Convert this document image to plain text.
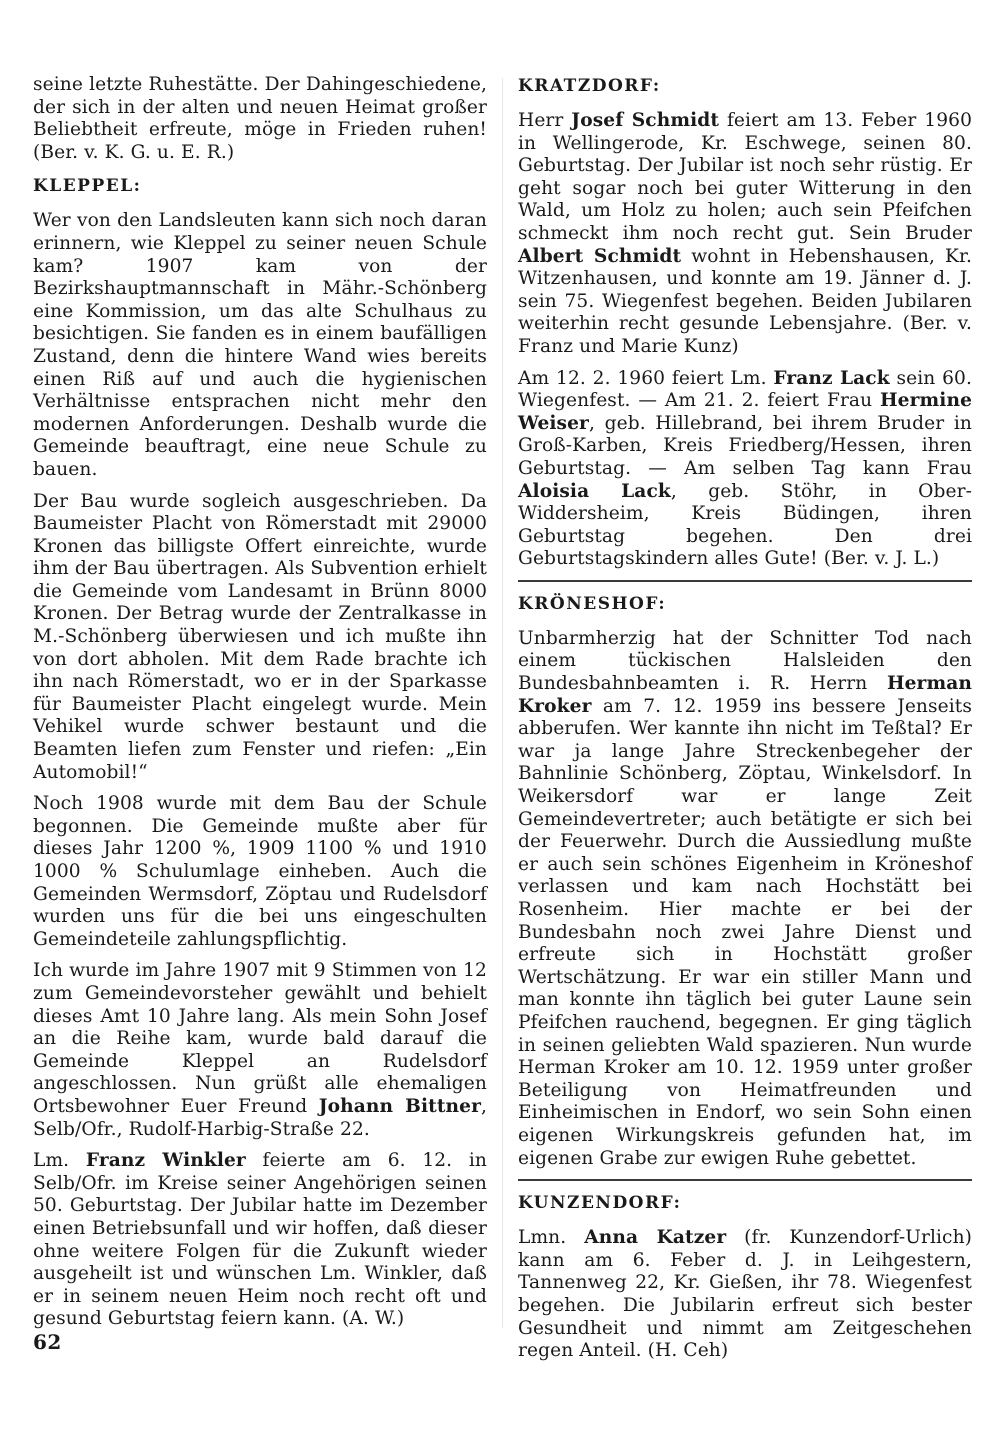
seine letzte Ruhestätte. Der Dahingeschiedene, der sich in der alten und neuen Heimat großer Beliebtheit erfreute, möge in Frieden ruhen! (Ber. v. K. G. u. E. R.)

KLEPPEL:

Wer von den Landsleuten kann sich noch daran erinnern, wie Kleppel zu seiner neuen Schule kam? 1907 kam von der Bezirkshauptmannschaft in Mähr.-Schönberg eine Kommission, um das alte Schulhaus zu besichtigen. Sie fanden es in einem baufälligen Zustand, denn die hintere Wand wies bereits einen Riß auf und auch die hygienischen Verhältnisse entsprachen nicht mehr den modernen Anforderungen. Deshalb wurde die Gemeinde beauftragt, eine neue Schule zu bauen.

Der Bau wurde sogleich ausgeschrieben. Da Baumeister Placht von Römerstadt mit 29000 Kronen das billigste Offert einreichte, wurde ihm der Bau übertragen. Als Subvention erhielt die Gemeinde vom Landesamt in Brünn 8000 Kronen. Der Betrag wurde der Zentralkasse in M.-Schönberg überwiesen und ich mußte ihn von dort abholen. Mit dem Rade brachte ich ihn nach Römerstadt, wo er in der Sparkasse für Baumeister Placht eingelegt wurde. Mein Vehikel wurde schwer bestaunt und die Beamten liefen zum Fenster und riefen: „Ein Automobil!“

Noch 1908 wurde mit dem Bau der Schule begonnen. Die Gemeinde mußte aber für dieses Jahr 1200 %, 1909 1100 % und 1910 1000 % Schulumlage einheben. Auch die Gemeinden Wermsdorf, Zöptau und Rudelsdorf wurden uns für die bei uns eingeschulten Gemeindeteile zahlungspflichtig.

Ich wurde im Jahre 1907 mit 9 Stimmen von 12 zum Gemeindevorsteher gewählt und behielt dieses Amt 10 Jahre lang. Als mein Sohn Josef an die Reihe kam, wurde bald darauf die Gemeinde Kleppel an Rudelsdorf angeschlossen. Nun grüßt alle ehemaligen Ortsbewohner Euer Freund Johann Bittner, Selb/Ofr., Rudolf-Harbig-Straße 22.

Lm. Franz Winkler feierte am 6. 12. in Selb/Ofr. im Kreise seiner Angehörigen seinen 50. Geburtstag. Der Jubilar hatte im Dezember einen Betriebsunfall und wir hoffen, daß dieser ohne weitere Folgen für die Zukunft wieder ausgeheilt ist und wünschen Lm. Winkler, daß er in seinem neuen Heim noch recht oft und gesund Geburtstag feiern kann. (A. W.)

KRATZDORF:

Herr Josef Schmidt feiert am 13. Feber 1960 in Wellingerode, Kr. Eschwege, seinen 80. Geburtstag. Der Jubilar ist noch sehr rüstig. Er geht sogar noch bei guter Witterung in den Wald, um Holz zu holen; auch sein Pfeifchen schmeckt ihm noch recht gut. Sein Bruder Albert Schmidt wohnt in Hebenshausen, Kr. Witzenhausen, und konnte am 19. Jänner d. J. sein 75. Wiegenfest begehen. Beiden Jubilaren weiterhin recht gesunde Lebensjahre. (Ber. v. Franz und Marie Kunz)

Am 12. 2. 1960 feiert Lm. Franz Lack sein 60. Wiegenfest. — Am 21. 2. feiert Frau Hermine Weiser, geb. Hillebrand, bei ihrem Bruder in Groß-Karben, Kreis Friedberg/Hessen, ihren Geburtstag. — Am selben Tag kann Frau Aloisia Lack, geb. Stöhr, in Ober-Widdersheim, Kreis Büdingen, ihren Geburtstag begehen. Den drei Geburtstagskindern alles Gute! (Ber. v. J. L.)

KRÖNESHOF:

Unbarmherzig hat der Schnitter Tod nach einem tückischen Halsleiden den Bundesbahnbeamten i. R. Herrn Herman Kroker am 7. 12. 1959 ins bessere Jenseits abberufen. Wer kannte ihn nicht im Teßtal? Er war ja lange Jahre Streckenbegeher der Bahnlinie Schönberg, Zöptau, Winkelsdorf. In Weikersdorf war er lange Zeit Gemeindevertreter; auch betätigte er sich bei der Feuerwehr. Durch die Aussiedlung mußte er auch sein schönes Eigenheim in Kröneshof verlassen und kam nach Hochstätt bei Rosenheim. Hier machte er bei der Bundesbahn noch zwei Jahre Dienst und erfreute sich in Hochstätt großer Wertschätzung. Er war ein stiller Mann und man konnte ihn täglich bei guter Laune sein Pfeifchen rauchend, begegnen. Er ging täglich in seinen geliebten Wald spazieren. Nun wurde Herman Kroker am 10. 12. 1959 unter großer Beteiligung von Heimatfreunden und Einheimischen in Endorf, wo sein Sohn einen eigenen Wirkungskreis gefunden hat, im eigenen Grabe zur ewigen Ruhe gebettet.

KUNZENDORF:

Lmn. Anna Katzer (fr. Kunzendorf-Urlich) kann am 6. Feber d. J. in Leihgestern, Tannenweg 22, Kr. Gießen, ihr 78. Wiegenfest begehen. Die Jubilarin erfreut sich bester Gesundheit und nimmt am Zeitgeschehen regen Anteil. (H. Ceh)

62
